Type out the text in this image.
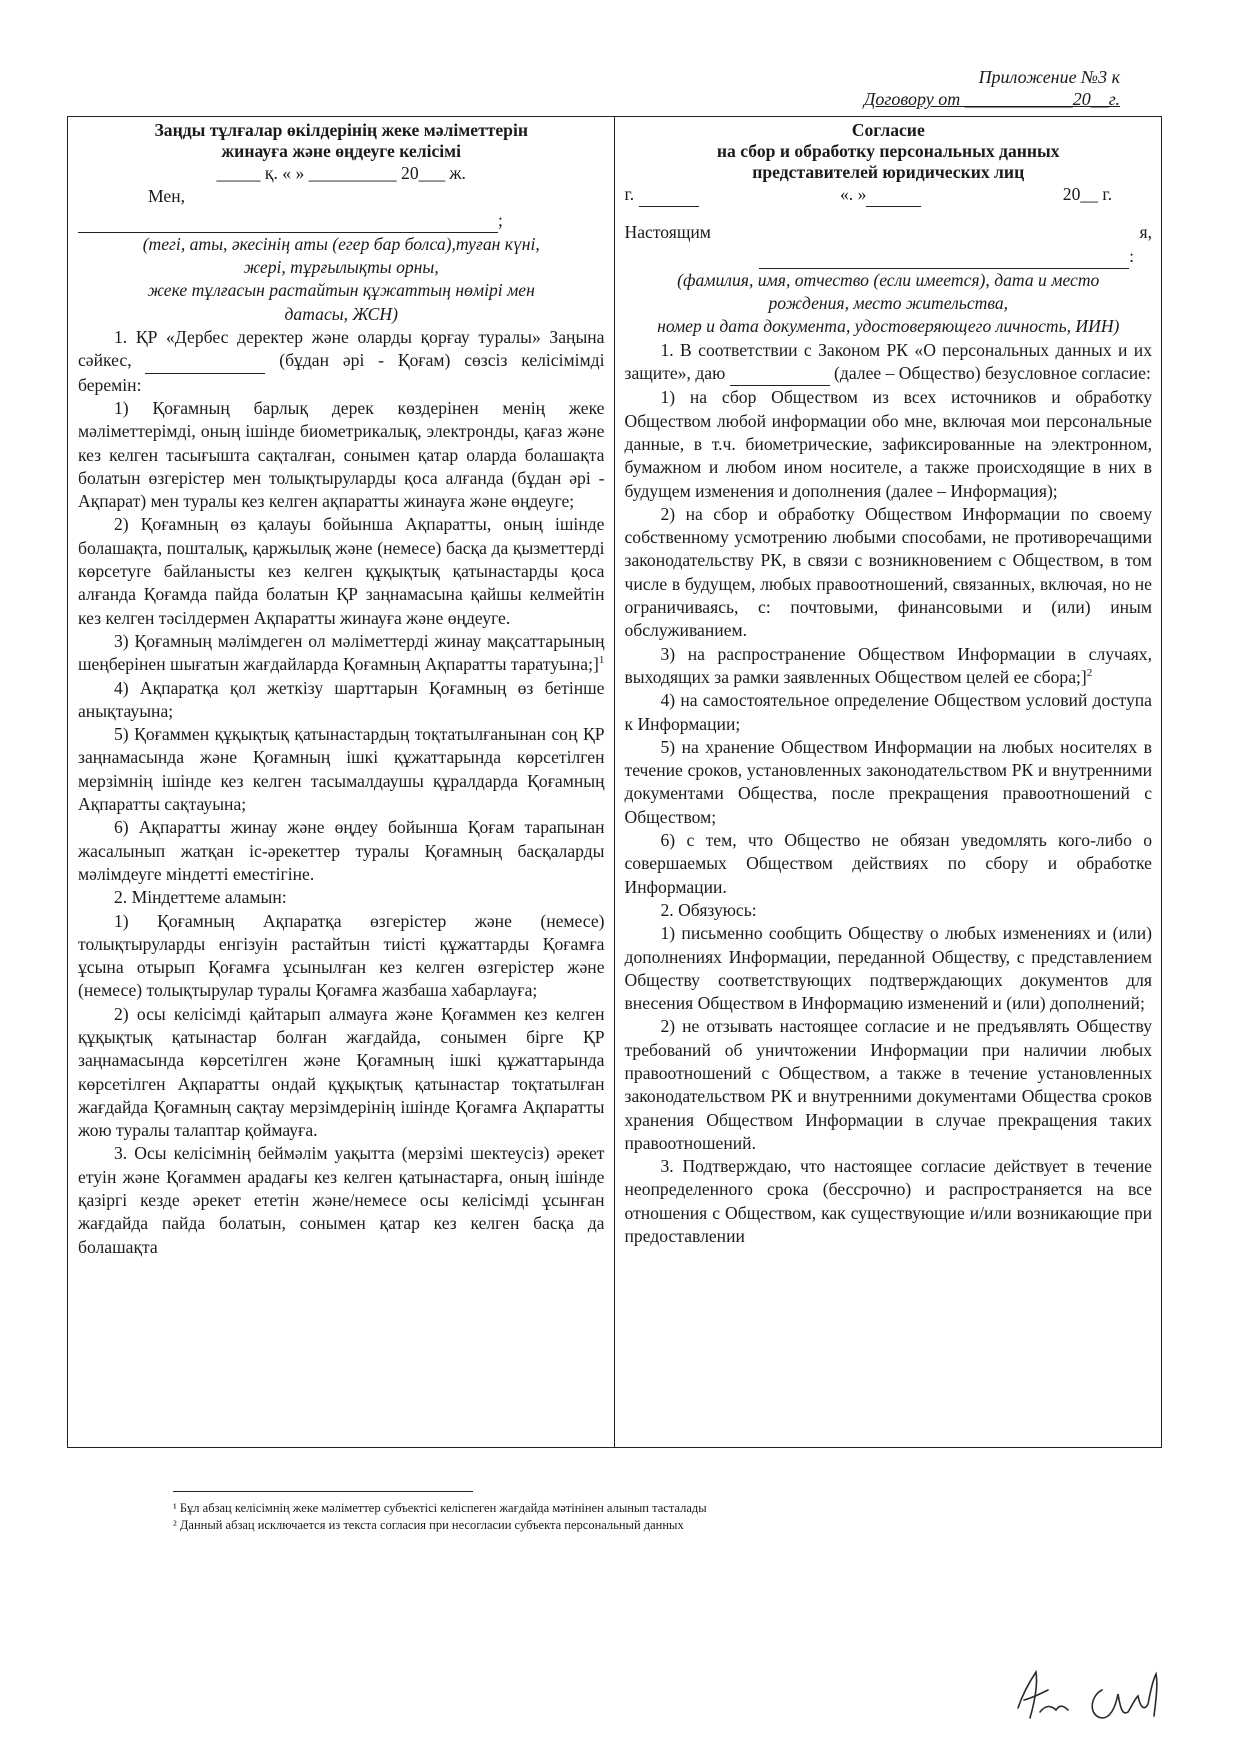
Приложение №3 к
Договору от ____________20__г.
Заңды тұлғалар өкілдерінің жеке мәліметтерін
жинауға және өңдеуге келісімі
_____ қ. « » __________ 20___ ж.
Мен,
;
(тегі, аты, әкесінің аты (егер бар болса),туған күні,
жері, тұрғылықты орны,
жеке тұлғасын растайтын құжаттың нөмірі мен
датасы, ЖСН)

1. ҚР «Дербес деректер және оларды қорғау туралы» Заңына сәйкес,	(бұдан әрі - Қоғам) сөзсіз келісімімді беремін:

1) Қоғамның барлық дерек көздерінен менің жеке мәліметтерімді, оның ішінде биометрикалық, электронды, қағаз және кез келген тасығышта сақталған, сонымен қатар оларда болашақта болатын өзгерістер мен толықтыруларды қоса алғанда (бұдан әрі - Ақпарат) мен туралы кез келген ақпаратты жинауға және өңдеуге;

2) Қоғамның өз қалауы бойынша Ақпаратты, оның ішінде болашақта, пошталық, қаржылық және (немесе) басқа да қызметтерді көрсетуге байланысты кез келген құқықтық қатынастарды қоса алғанда Қоғамда пайда болатын ҚР заңнамасына қайшы келмейтін кез келген тәсілдермен Ақпаратты жинауға және өңдеуге.

3) Қоғамның мәлімдеген ол мәліметтерді жинау мақсаттарының шеңберінен шығатын жағдайларда Қоғамның Ақпаратты таратуына;]$^1$

4) Ақпаратқа қол жеткізу шарттарын Қоғамның өз бетінше анықтауына;

5) Қоғаммен құқықтық қатынастардың тоқтатылғанынан соң ҚР заңнамасында және Қоғамның ішкі құжаттарында көрсетілген мерзімнің ішінде кез келген тасымалдаушы құралдарда Қоғамның Ақпаратты сақтауына;

6) Ақпаратты жинау және өңдеу бойынша Қоғам тарапынан жасалынып жатқан іс-әрекеттер туралы Қоғамның басқаларды мәлімдеуге міндетті еместігіне.

2. Міндеттеме аламын:

1) Қоғамның Ақпаратқа өзгерістер және (немесе) толықтыруларды енгізуін растайтын тиісті құжаттарды Қоғамға ұсына отырып Қоғамға ұсынылған кез келген өзгерістер және (немесе) толықтырулар туралы Қоғамға жазбаша хабарлауға;

2) осы келісімді қайтарып алмауға және Қоғаммен кез келген құқықтық қатынастар болған жағдайда, сонымен бірге ҚР заңнамасында көрсетілген және Қоғамның ішкі құжаттарында көрсетілген Ақпаратты ондай құқықтық қатынастар тоқтатылған жағдайда Қоғамның сақтау мерзімдерінің ішінде Қоғамға Ақпаратты жою туралы талаптар қоймауға.

3. Осы келісімнің беймәлім уақытта (мерзімі шектеусіз) әрекет етуін және Қоғаммен арадағы кез келген қатынастарға, оның ішінде қазіргі кезде әрекет ететін және/немесе осы келісімді ұсынған жағдайда пайда болатын, сонымен қатар кез келген басқа да болашақта

Согласие
на сбор и обработку персональных данных
представителей юридических лиц
г.	«. »	20__ г.
Настоящим	я,
:
(фамилия, имя, отчество (если имеется), дата и место
рождения, место жительства,
номер и дата документа, удостоверяющего личность, ИИН)

1. В соответствии с Законом РК «О персональных данных и их защите», даю	(далее – Общество) безусловное согласие:

1) на сбор Обществом из всех источников и обработку Обществом любой информации обо мне, включая мои персональные данные, в т.ч. биометрические, зафиксированные на электронном, бумажном и любом ином носителе, а также происходящие в них в будущем изменения и дополнения (далее – Информация);

2) на сбор и обработку Обществом Информации по своему собственному усмотрению любыми способами, не противоречащими законодательству РК, в связи с возникновением с Обществом, в том числе в будущем, любых правоотношений, связанных, включая, но не ограничиваясь, с: почтовыми, финансовыми и (или) иным обслуживанием.

3) на распространение Обществом Информации в случаях, выходящих за рамки заявленных Обществом целей ее сбора;]$^2$

4) на самостоятельное определение Обществом условий доступа к Информации;

5) на хранение Обществом Информации на любых носителях в течение сроков, установленных законодательством РК и внутренними документами Общества, после прекращения правоотношений с Обществом;

6) с тем, что Общество не обязан уведомлять кого-либо о совершаемых Обществом действиях по сбору и обработке Информации.

2. Обязуюсь:

1) письменно сообщить Обществу о любых изменениях и (или) дополнениях Информации, переданной Обществу, с представлением Обществу соответствующих подтверждающих документов для внесения Обществом в Информацию изменений и (или) дополнений;

2) не отзывать настоящее согласие и не предъявлять Обществу требований об уничтожении Информации при наличии любых правоотношений с Обществом, а также в течение установленных законодательством РК и внутренними документами Общества сроков хранения Обществом Информации в случае прекращения таких правоотношений.

3. Подтверждаю, что настоящее согласие действует в течение неопределенного срока (бессрочно) и распространяется на все отношения с Обществом, как существующие и/или возникающие при предоставлении

¹ Бұл абзац келісімнің жеке мәліметтер субъектісі келіспеген жағдайда мәтінінен алынып тасталады
² Данный абзац исключается из текста согласия при несогласии субъекта персональный данных
